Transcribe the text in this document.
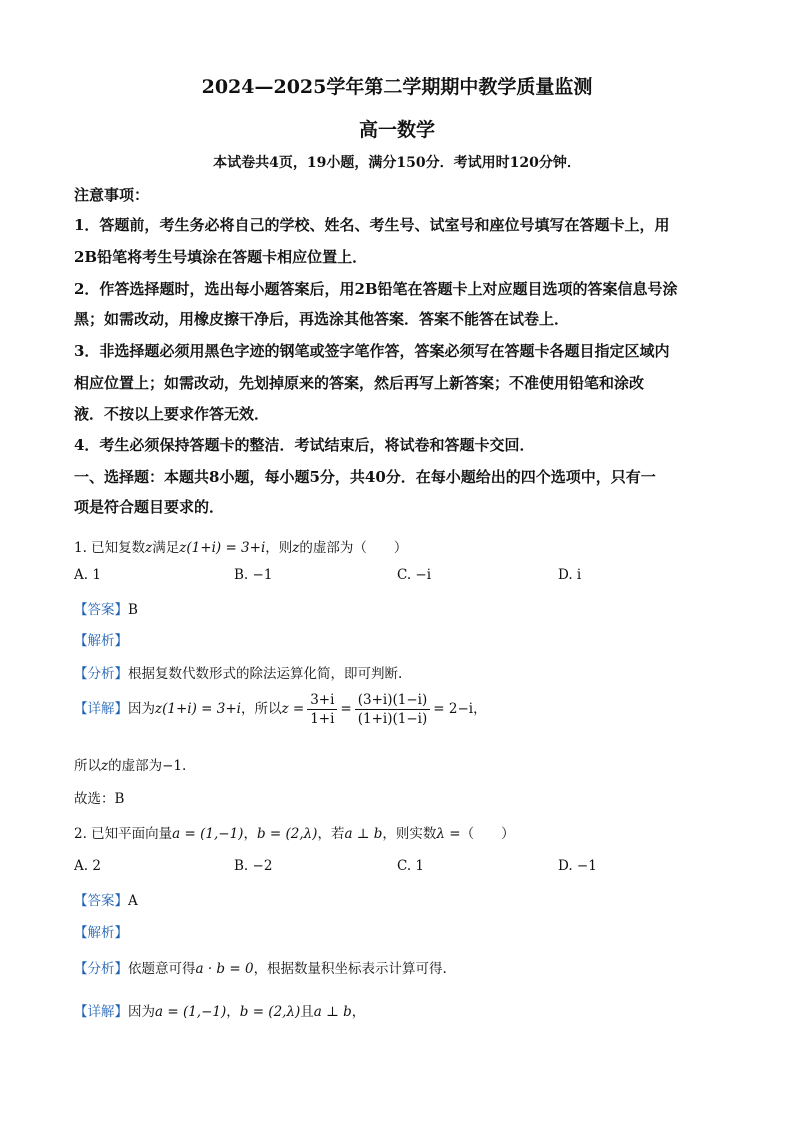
2024—2025学年第二学期期中教学质量监测
高一数学
本试卷共4页，19小题，满分150分．考试用时120分钟．
注意事项：
1．答题前，考生务必将自己的学校、姓名、考生号、试室号和座位号填写在答题卡上，用
2B铅笔将考生号填涂在答题卡相应位置上．
2．作答选择题时，选出每小题答案后，用2B铅笔在答题卡上对应题目选项的答案信息号涂
黑；如需改动，用橡皮擦干净后，再选涂其他答案．答案不能答在试卷上．
3．非选择题必须用黑色字迹的钢笔或签字笔作答，答案必须写在答题卡各题目指定区域内
相应位置上；如需改动，先划掉原来的答案，然后再写上新答案；不准使用铅笔和涂改
液．不按以上要求作答无效．
4．考生必须保持答题卡的整洁．考试结束后，将试卷和答题卡交回．
一、选择题：本题共8小题，每小题5分，共40分．在每小题给出的四个选项中，只有一
项是符合题目要求的．
1. 已知复数z满足z(1+i) = 3+i，则z的虚部为（　　）
A. 1	B. −1	C. −i	D. i
【答案】B
【解析】
【分析】根据复数代数形式的除法运算化简，即可判断.
【详解】因为z(1+i) = 3+i，所以$z = \frac{3+i}{1+i} = \frac{(3+i)(1-i)}{(1+i)(1-i)} = 2-i$，
所以z的虚部为−1.
故选：B
2. 已知平面向量a = (1,−1)，b = (2,λ)，若a ⊥ b，则实数λ =（　　）
A. 2	B. −2	C. 1	D. −1
【答案】A
【解析】
【分析】依题意可得a · b = 0，根据数量积坐标表示计算可得.
【详解】因为a = (1,−1)，b = (2,λ)且a ⊥ b，
